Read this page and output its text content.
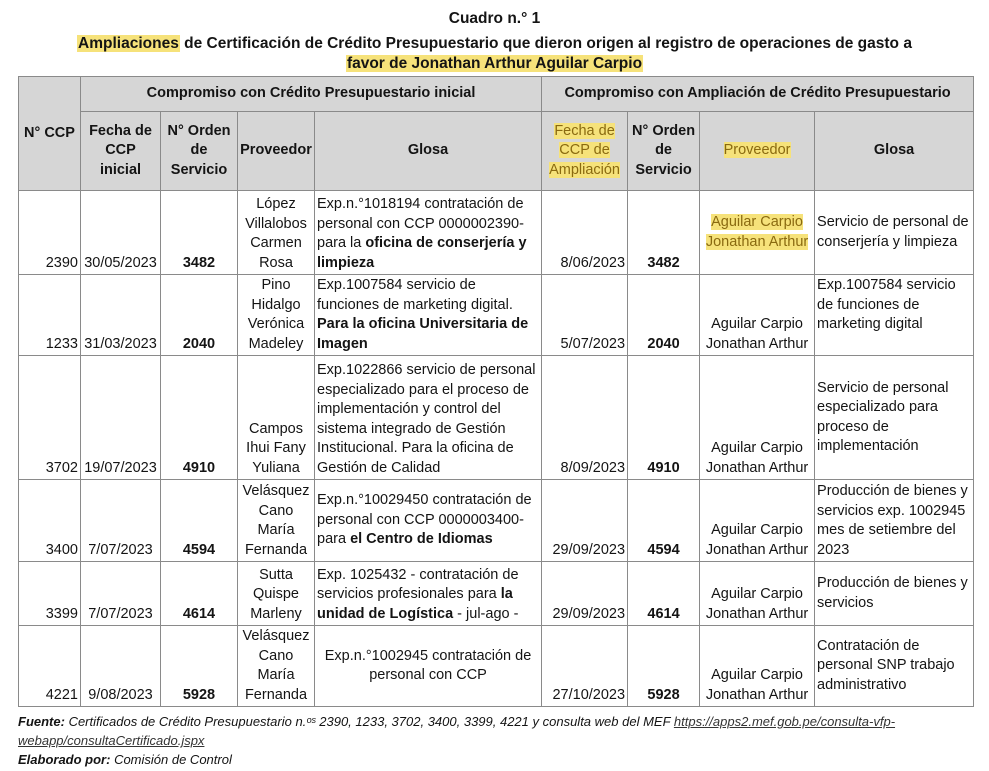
Cuadro n.° 1
Ampliaciones de Certificación de Crédito Presupuestario que dieron origen al registro de operaciones de gasto a
favor de Jonathan Arthur Aguilar Carpio
N° CCP	Compromiso con Crédito Presupuestario inicial				Compromiso con Ampliación de Crédito Presupuestario			
	Fecha de CCP inicial	N° Orden de Servicio	Proveedor	Glosa	Fecha de CCP de Ampliación	N° Orden de Servicio	Proveedor	Glosa
2390	30/05/2023	3482	López Villalobos Carmen Rosa	Exp.n.°1018194 contratación de personal con CCP 0000002390-para la oficina de conserjería y limpieza	8/06/2023	3482	Aguilar Carpio Jonathan Arthur	Servicio de personal de conserjería y limpieza
1233	31/03/2023	2040	Pino Hidalgo Verónica Madeley	Exp.1007584 servicio de funciones de marketing digital. Para la oficina Universitaria de Imagen	5/07/2023	2040	Aguilar Carpio Jonathan Arthur	Exp.1007584 servicio de funciones de marketing digital
3702	19/07/2023	4910	Campos Ihui Fany Yuliana	Exp.1022866 servicio de personal especializado para el proceso de implementación y control del sistema integrado de Gestión Institucional. Para la oficina de Gestión de Calidad	8/09/2023	4910	Aguilar Carpio Jonathan Arthur	Servicio de personal especializado para proceso de implementación
3400	7/07/2023	4594	Velásquez Cano María Fernanda	Exp.n.°10029450 contratación de personal con CCP 0000003400-para el Centro de Idiomas	29/09/2023	4594	Aguilar Carpio Jonathan Arthur	Producción de bienes y servicios exp. 1002945 mes de setiembre del 2023
3399	7/07/2023	4614	Sutta Quispe Marleny	Exp. 1025432 - contratación de servicios profesionales para la unidad de Logística - jul-ago -	29/09/2023	4614	Aguilar Carpio Jonathan Arthur	Producción de bienes y servicios
4221	9/08/2023	5928	Velásquez Cano María Fernanda	Exp.n.°1002945 contratación de personal con CCP	27/10/2023	5928	Aguilar Carpio Jonathan Arthur	Contratación de personal SNP trabajo administrativo
Fuente: Certificados de Crédito Presupuestario n.ᵒˢ 2390, 1233, 3702, 3400, 3399, 4221 y consulta web del MEF https://apps2.mef.gob.pe/consulta-vfp-webapp/consultaCertificado.jspx
Elaborado por: Comisión de Control
